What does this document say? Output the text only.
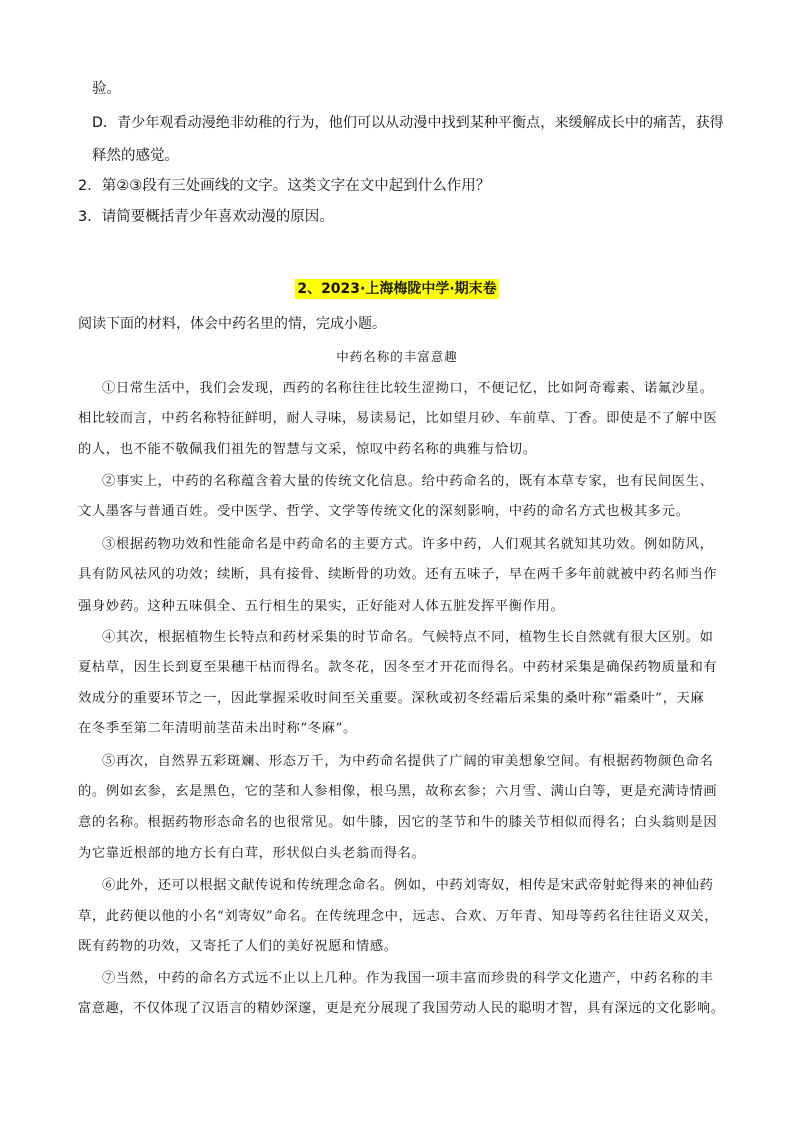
验。
D．青少年观看动漫绝非幼稚的行为，他们可以从动漫中找到某种平衡点，来缓解成长中的痛苦，获得
释然的感觉。
2．第②③段有三处画线的文字。这类文字在文中起到什么作用？
3．请简要概括青少年喜欢动漫的原因。
2、2023·上海梅陇中学·期末卷
阅读下面的材料，体会中药名里的情，完成小题。
中药名称的丰富意趣
①日常生活中，我们会发现，西药的名称往往比较生涩拗口，不便记忆，比如阿奇霉素、诺氟沙星。
相比较而言，中药名称特征鲜明，耐人寻味，易读易记，比如望月砂、车前草、丁香。即使是不了解中医
的人，也不能不敬佩我们祖先的智慧与文采，惊叹中药名称的典雅与恰切。
②事实上，中药的名称蕴含着大量的传统文化信息。给中药命名的，既有本草专家，也有民间医生、
文人墨客与普通百姓。受中医学、哲学、文学等传统文化的深刻影响，中药的命名方式也极其多元。
③根据药物功效和性能命名是中药命名的主要方式。许多中药，人们观其名就知其功效。例如防风，
具有防风祛风的功效；续断，具有接骨、续断骨的功效。还有五味子，早在两千多年前就被中药名师当作
强身妙药。这种五味俱全、五行相生的果实，正好能对人体五脏发挥平衡作用。
④其次，根据植物生长特点和药材采集的时节命名。气候特点不同，植物生长自然就有很大区别。如
夏枯草，因生长到夏至果穗干枯而得名。款冬花，因冬至才开花而得名。中药材采集是确保药物质量和有
效成分的重要环节之一，因此掌握采收时间至关重要。深秋或初冬经霜后采集的桑叶称“霜桑叶”，天麻
在冬季至第二年清明前茎苗未出时称“冬麻”。
⑤再次，自然界五彩斑斓、形态万千，为中药命名提供了广阔的审美想象空间。有根据药物颜色命名
的。例如玄参，玄是黑色，它的茎和人参相像，根乌黑，故称玄参；六月雪、满山白等，更是充满诗情画
意的名称。根据药物形态命名的也很常见。如牛膝，因它的茎节和牛的膝关节相似而得名；白头翁则是因
为它靠近根部的地方长有白茸，形状似白头老翁而得名。
⑥此外，还可以根据文献传说和传统理念命名。例如，中药刘寄奴，相传是宋武帝射蛇得来的神仙药
草，此药便以他的小名“刘寄奴”命名。在传统理念中，远志、合欢、万年青、知母等药名往往语义双关，
既有药物的功效，又寄托了人们的美好祝愿和情感。
⑦当然，中药的命名方式远不止以上几种。作为我国一项丰富而珍贵的科学文化遗产，中药名称的丰
富意趣，不仅体现了汉语言的精妙深邃，更是充分展现了我国劳动人民的聪明才智，具有深远的文化影响。
